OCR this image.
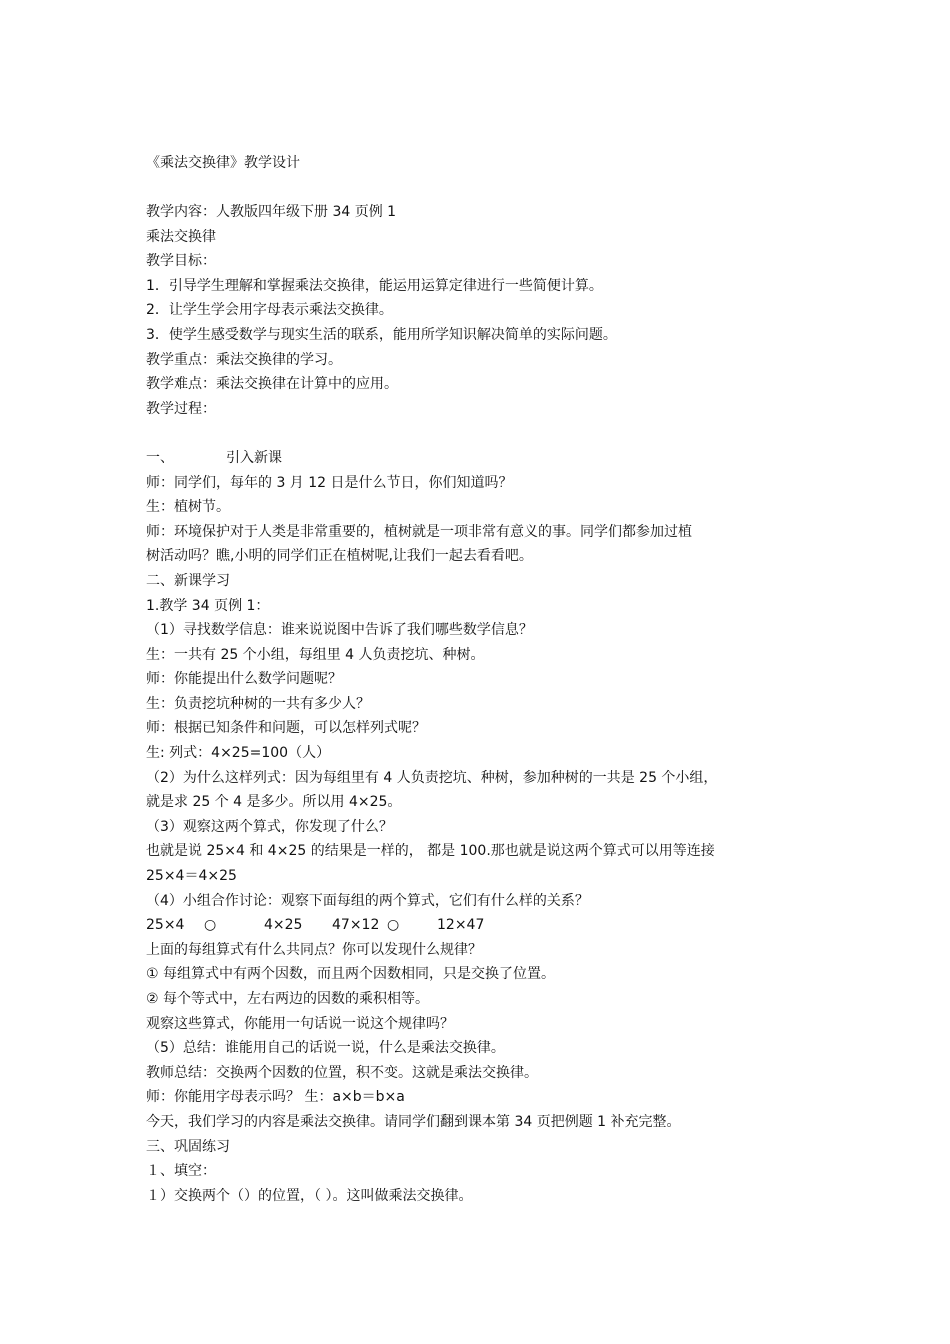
《乘法交换律》教学设计
教学内容：人教版四年级下册 34 页例 1
乘法交换律
教学目标：
1．引导学生理解和掌握乘法交换律，能运用运算定律进行一些简便计算。
2．让学生学会用字母表示乘法交换律。
3．使学生感受数学与现实生活的联系，能用所学知识解决简单的实际问题。
教学重点：乘法交换律的学习。
教学难点：乘法交换律在计算中的应用。
教学过程：
一、	引入新课
师：同学们，每年的 3 月 12 日是什么节日，你们知道吗？
生：植树节。
师：环境保护对于人类是非常重要的，植树就是一项非常有意义的事。同学们都参加过植
树活动吗？瞧,小明的同学们正在植树呢,让我们一起去看看吧。
二、新课学习
1.教学 34 页例 1：
（1）寻找数学信息：谁来说说图中告诉了我们哪些数学信息？
生：一共有 25 个小组，每组里 4 人负责挖坑、种树。
师：你能提出什么数学问题呢？
生：负责挖坑种树的一共有多少人？
师：根据已知条件和问题，可以怎样列式呢？
生: 列式：4×25=100（人）
（2）为什么这样列式：因为每组里有 4 人负责挖坑、种树，参加种树的一共是 25 个小组，
就是求 25 个 4 是多少。所以用 4×25。
（3）观察这两个算式，你发现了什么？
也就是说 25×4 和 4×25 的结果是一样的， 都是 100.那也就是说这两个算式可以用等连接
25×4＝4×25
（4）小组合作讨论：观察下面每组的两个算式，它们有什么样的关系？
25×4 ○	4×25 47×12 ○	12×47
上面的每组算式有什么共同点？你可以发现什么规律？
① 每组算式中有两个因数，而且两个因数相同，只是交换了位置。
② 每个等式中，左右两边的因数的乘积相等。
观察这些算式，你能用一句话说一说这个规律吗？
（5）总结：谁能用自己的话说一说，什么是乘法交换律。
教师总结：交换两个因数的位置，积不变。这就是乘法交换律。
师：你能用字母表示吗？ 生：a×b＝b×a
今天，我们学习的内容是乘法交换律。请同学们翻到课本第 34 页把例题 1 补充完整。
三、巩固练习
１、填空：
１）交换两个（）的位置，（ ）。这叫做乘法交换律。
